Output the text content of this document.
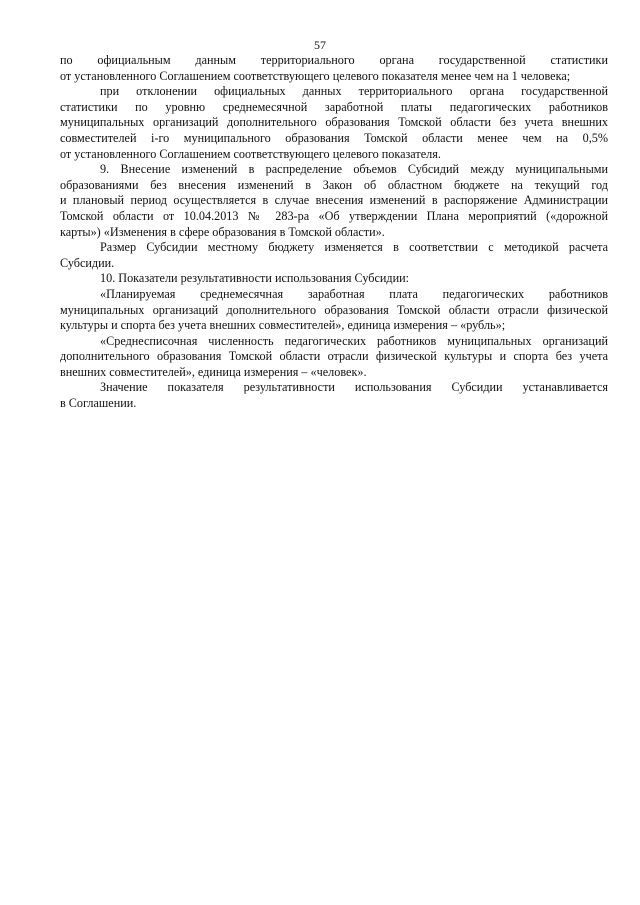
57
по официальным данным территориального органа государственной статистики
от установленного Соглашением соответствующего целевого показателя менее чем на 1 человека;
при отклонении официальных данных территориального органа государственной
статистики по уровню среднемесячной заработной платы педагогических работников
муниципальных организаций дополнительного образования Томской области без учета внешних
совместителей i-го муниципального образования Томской области менее чем на 0,5%
от установленного Соглашением соответствующего целевого показателя.
9. Внесение изменений в распределение объемов Субсидий между муниципальными
образованиями без внесения изменений в Закон об областном бюджете на текущий год
и плановый период осуществляется в случае внесения изменений в распоряжение Администрации
Томской области от 10.04.2013 № 283-ра «Об утверждении Плана мероприятий («дорожной
карты») «Изменения в сфере образования в Томской области».
Размер Субсидии местному бюджету изменяется в соответствии с методикой расчета
Субсидии.
10. Показатели результативности использования Субсидии:
«Планируемая среднемесячная заработная плата педагогических работников
муниципальных организаций дополнительного образования Томской области отрасли физической
культуры и спорта без учета внешних совместителей», единица измерения – «рубль»;
«Среднесписочная численность педагогических работников муниципальных организаций
дополнительного образования Томской области отрасли физической культуры и спорта без учета
внешних совместителей», единица измерения – «человек».
Значение показателя результативности использования Субсидии устанавливается
в Соглашении.
